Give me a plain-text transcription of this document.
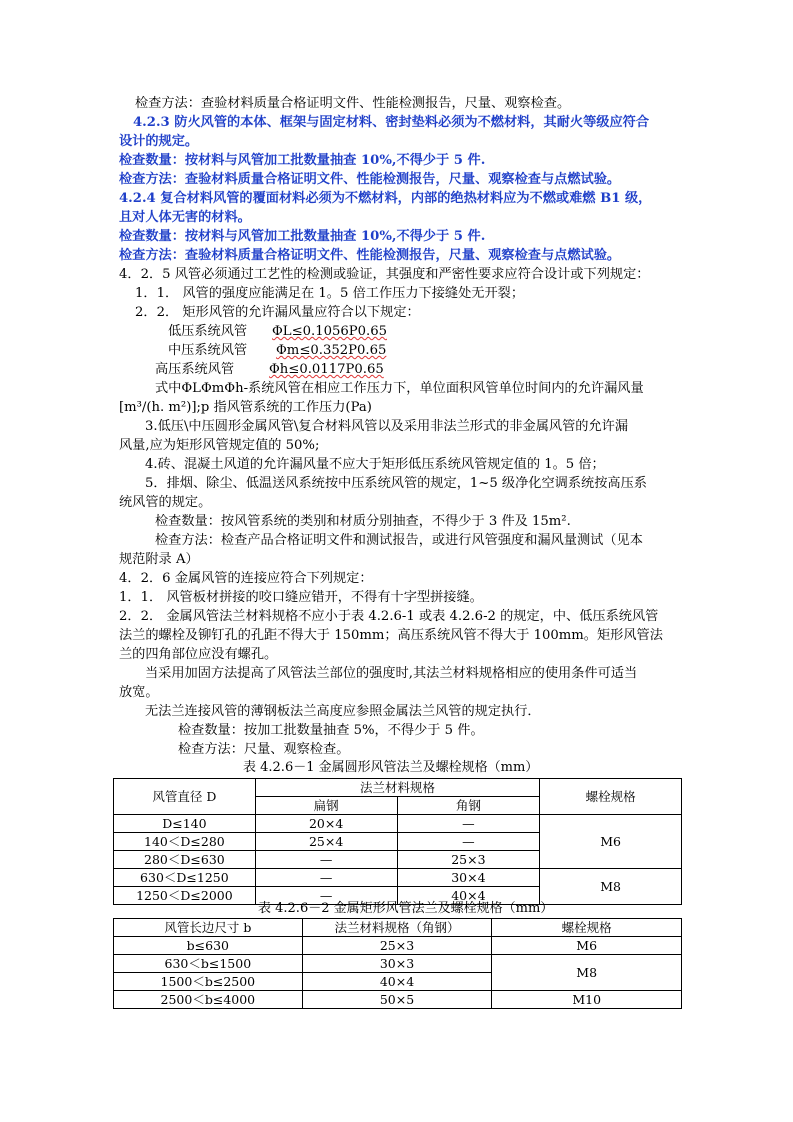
检查方法：查验材料质量合格证明文件、性能检测报告，尺量、观察检查。
4.2.3 防火风管的本体、框架与固定材料、密封垫料必须为不燃材料，其耐火等级应符合
设计的规定。
检查数量：按材料与风管加工批数量抽查 10%,不得少于 5 件.
检查方法：查验材料质量合格证明文件、性能检测报告，尺量、观察检查与点燃试验。
4.2.4 复合材料风管的覆面材料必须为不燃材料，内部的绝热材料应为不燃或难燃 B1 级，
且对人体无害的材料。
检查数量：按材料与风管加工批数量抽查 10%,不得少于 5 件.
检查方法：查验材料质量合格证明文件、性能检测报告，尺量、观察检查与点燃试验。
4．2．5 风管必须通过工艺性的检测或验证，其强度和严密性要求应符合设计或下列规定：
1．1． 风管的强度应能满足在 1。5 倍工作压力下接缝处无开裂；
2．2． 矩形风管的允许漏风量应符合以下规定：
低压系统风管 ΦL≤0.1056P0.65
中压系统风管 Φm≤0.352P0.65
高压系统风管	Φh≤0.0117P0.65
式中ΦLΦmΦh-系统风管在相应工作压力下，单位面积风管单位时间内的允许漏风量
[m³/(h. m²)];p 指风管系统的工作压力(Pa)
3.低压\中压圆形金属风管\复合材料风管以及采用非法兰形式的非金属风管的允许漏
风量,应为矩形风管规定值的 50%;
4.砖、混凝土风道的允许漏风量不应大于矩形低压系统风管规定值的 1。5 倍；
5．排烟、除尘、低温送风系统按中压系统风管的规定，1~5 级净化空调系统按高压系
统风管的规定。
检查数量：按风管系统的类别和材质分别抽查，不得少于 3 件及 15m².
检查方法：检查产品合格证明文件和测试报告，或进行风管强度和漏风量测试（见本
规范附录 A）
4．2．6 金属风管的连接应符合下列规定：
1．1． 风管板材拼接的咬口缝应错开，不得有十字型拼接缝。
2．2． 金属风管法兰材料规格不应小于表 4.2.6-1 或表 4.2.6-2 的规定，中、低压系统风管
法兰的螺栓及铆钉孔的孔距不得大于 150mm；高压系统风管不得大于 100mm。矩形风管法
兰的四角部位应没有螺孔。
当采用加固方法提高了风管法兰部位的强度时,其法兰材料规格相应的使用条件可适当
放宽。
无法兰连接风管的薄钢板法兰高度应参照金属法兰风管的规定执行．
检查数量：按加工批数量抽查 5%，不得少于 5 件。
检查方法：尺量、观察检查。
表 4.2.6－1 金属圆形风管法兰及螺栓规格（mm）
风管直径 D	法兰材料规格		螺栓规格
	扁钢	角钢	
D≤140	20×4	—	M6
140＜D≤280	25×4	—	
280＜D≤630	—	25×3	
630＜D≤1250	—	30×4	M8
1250＜D≤2000	—	40×4	
表 4.2.6－2 金属矩形风管法兰及螺栓规格（mm）
风管长边尺寸 b	法兰材料规格（角钢）	螺栓规格
b≤630	25×3	M6
630＜b≤1500	30×3	M8
1500＜b≤2500	40×4	
2500＜b≤4000	50×5	M10
